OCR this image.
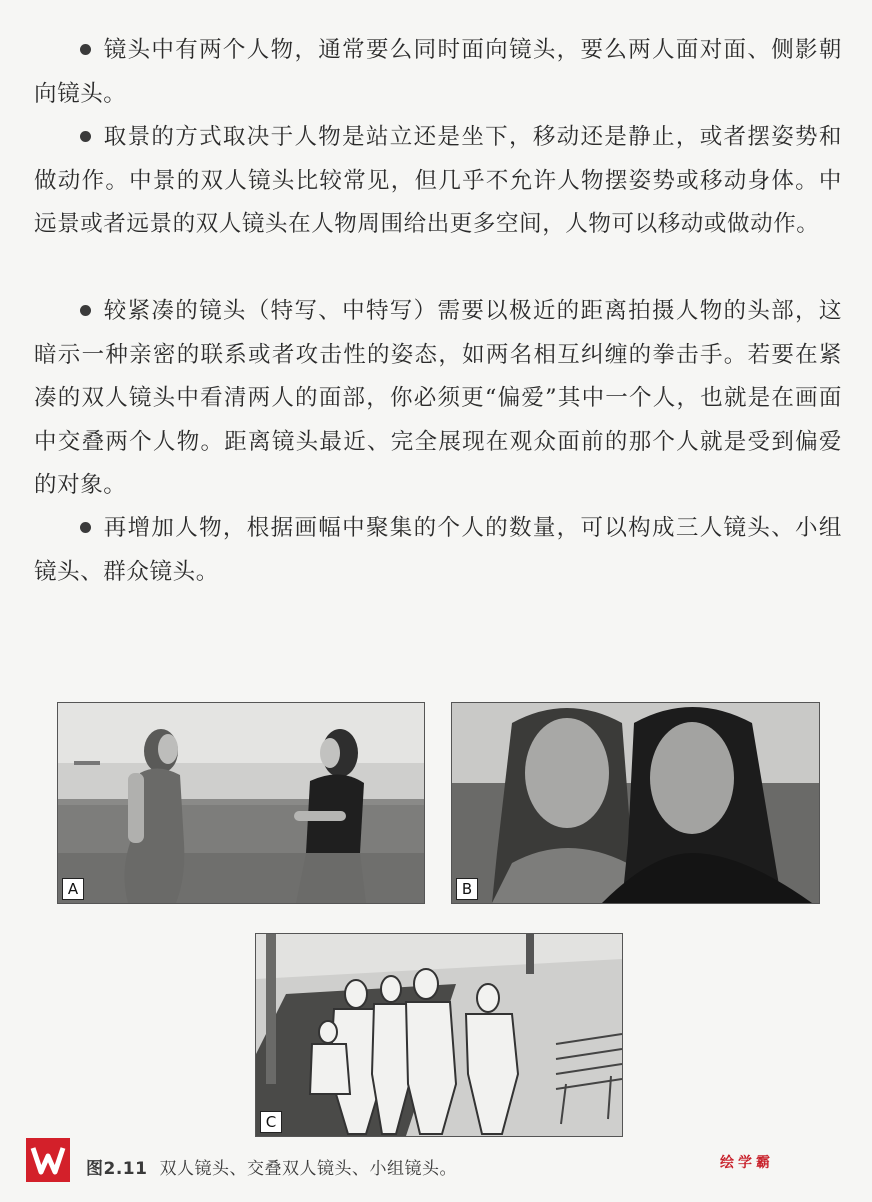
镜头中有两个人物，通常要么同时面向镜头，要么两人面对面、侧影朝向镜头。
取景的方式取决于人物是站立还是坐下，移动还是静止，或者摆姿势和做动作。中景的双人镜头比较常见，但几乎不允许人物摆姿势或移动身体。中远景或者远景的双人镜头在人物周围给出更多空间，人物可以移动或做动作。
较紧凑的镜头（特写、中特写）需要以极近的距离拍摄人物的头部，这暗示一种亲密的联系或者攻击性的姿态，如两名相互纠缠的拳击手。若要在紧凑的双人镜头中看清两人的面部，你必须更“偏爱”其中一个人，也就是在画面中交叠两个人物。距离镜头最近、完全展现在观众面前的那个人就是受到偏爱的对象。
再增加人物，根据画幅中聚集的个人的数量，可以构成三人镜头、小组镜头、群众镜头。
A	B
C
图2.11 双人镜头、交叠双人镜头、小组镜头。	绘学霸
